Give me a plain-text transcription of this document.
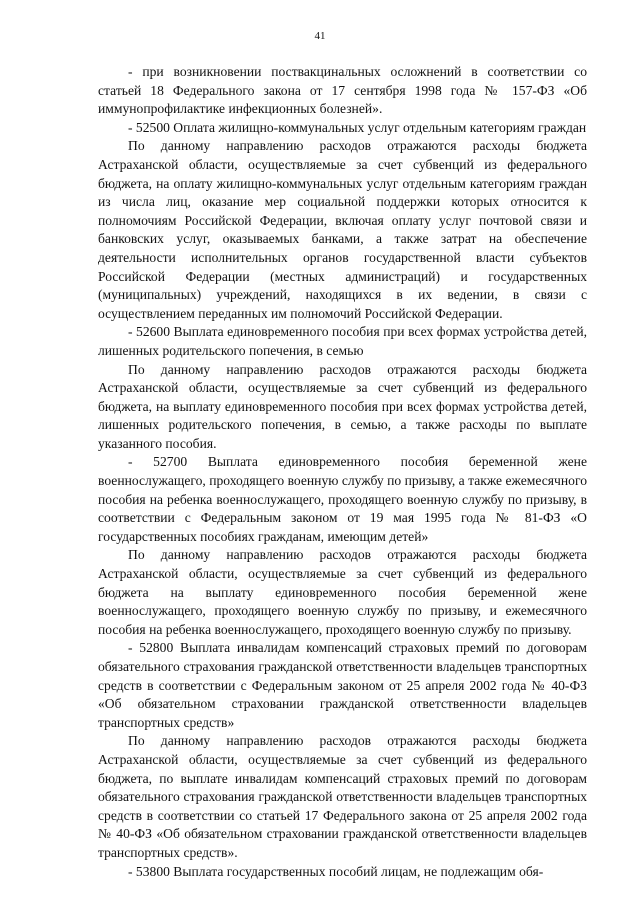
41

- при возникновении поствакцинальных осложнений в соответствии со статьей 18 Федерального закона от 17 сентября 1998 года № 157-ФЗ «Об иммунопрофилактике инфекционных болезней».

- 52500 Оплата жилищно-коммунальных услуг отдельным категориям граждан

По данному направлению расходов отражаются расходы бюджета Астраханской области, осуществляемые за счет субвенций из федерального бюджета, на оплату жилищно-коммунальных услуг отдельным категориям граждан из числа лиц, оказание мер социальной поддержки которых относится к полномочиям Российской Федерации, включая оплату услуг почтовой связи и банковских услуг, оказываемых банками, а также затрат на обеспечение деятельности исполнительных органов государственной власти субъектов Российской Федерации (местных администраций) и государственных (муниципальных) учреждений, находящихся в их ведении, в связи с осуществлением переданных им полномочий Российской Федерации.

- 52600 Выплата единовременного пособия при всех формах устройства детей, лишенных родительского попечения, в семью

По данному направлению расходов отражаются расходы бюджета Астраханской области, осуществляемые за счет субвенций из федерального бюджета, на выплату единовременного пособия при всех формах устройства детей, лишенных родительского попечения, в семью, а также расходы по выплате указанного пособия.

- 52700 Выплата единовременного пособия беременной жене военнослужащего, проходящего военную службу по призыву, а также ежемесячного пособия на ребенка военнослужащего, проходящего военную службу по призыву, в соответствии с Федеральным законом от 19 мая 1995 года № 81-ФЗ «О государственных пособиях гражданам, имеющим детей»

По данному направлению расходов отражаются расходы бюджета Астраханской области, осуществляемые за счет субвенций из федерального бюджета на выплату единовременного пособия беременной жене военнослужащего, проходящего военную службу по призыву, и ежемесячного пособия на ребенка военнослужащего, проходящего военную службу по призыву.

- 52800 Выплата инвалидам компенсаций страховых премий по договорам обязательного страхования гражданской ответственности владельцев транспортных средств в соответствии с Федеральным законом от 25 апреля 2002 года № 40-ФЗ «Об обязательном страховании гражданской ответственности владельцев транспортных средств»

По данному направлению расходов отражаются расходы бюджета Астраханской области, осуществляемые за счет субвенций из федерального бюджета, по выплате инвалидам компенсаций страховых премий по договорам обязательного страхования гражданской ответственности владельцев транспортных средств в соответствии со статьей 17 Федерального закона от 25 апреля 2002 года № 40-ФЗ «Об обязательном страховании гражданской ответственности владельцев транспортных средств».

- 53800 Выплата государственных пособий лицам, не подлежащим обя-
